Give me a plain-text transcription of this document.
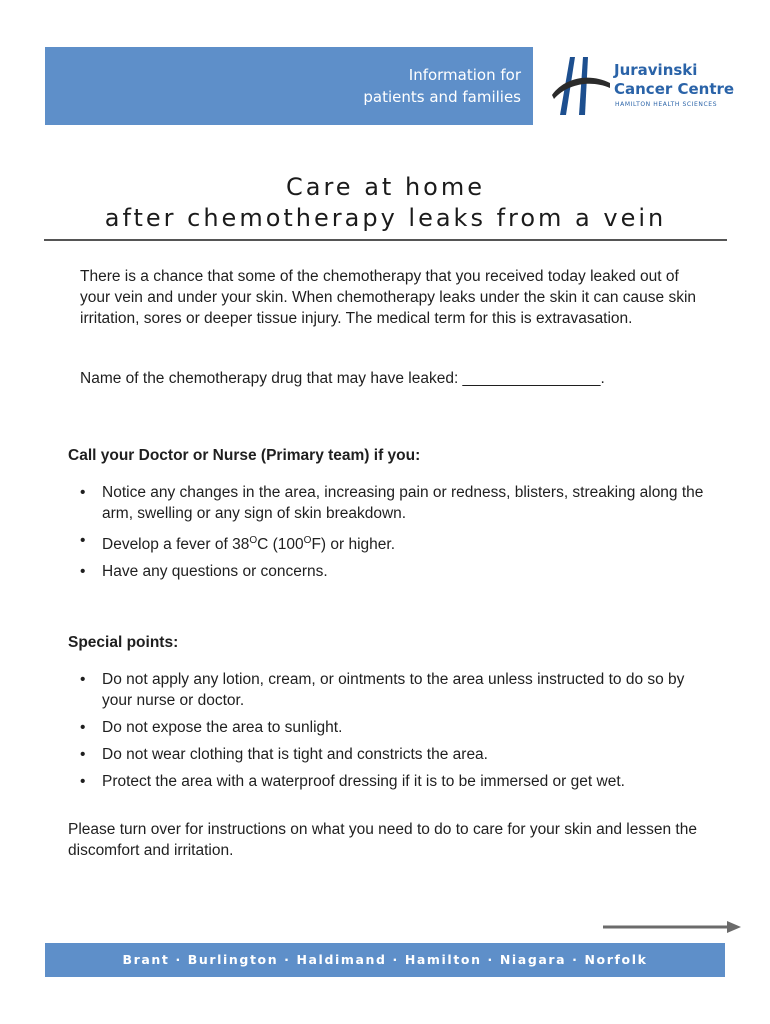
Information for
patients and families
Juravinski
Cancer Centre
HAMILTON HEALTH SCIENCES
Care at home
after chemotherapy leaks from a vein

There is a chance that some of the chemotherapy that you received today leaked out of your vein and under your skin. When chemotherapy leaks under the skin it can cause skin irritation, sores or deeper tissue injury. The medical term for this is extravasation.

Name of the chemotherapy drug that may have leaked: ________________.

Call your Doctor or Nurse (Primary team) if you:
• Notice any changes in the area, increasing pain or redness, blisters, streaking along the arm, swelling or any sign of skin breakdown.
• Develop a fever of $38^OC$ $(100^OF)$ or higher.
• Have any questions or concerns.
Special points:
• Do not apply any lotion, cream, or ointments to the area unless instructed to do so by your nurse or doctor.
• Do not expose the area to sunlight.
• Do not wear clothing that is tight and constricts the area.
• Protect the area with a waterproof dressing if it is to be immersed or get wet.

Please turn over for instructions on what you need to do to care for your skin and lessen the discomfort and irritation.

Brant · Burlington · Haldimand · Hamilton · Niagara · Norfolk
